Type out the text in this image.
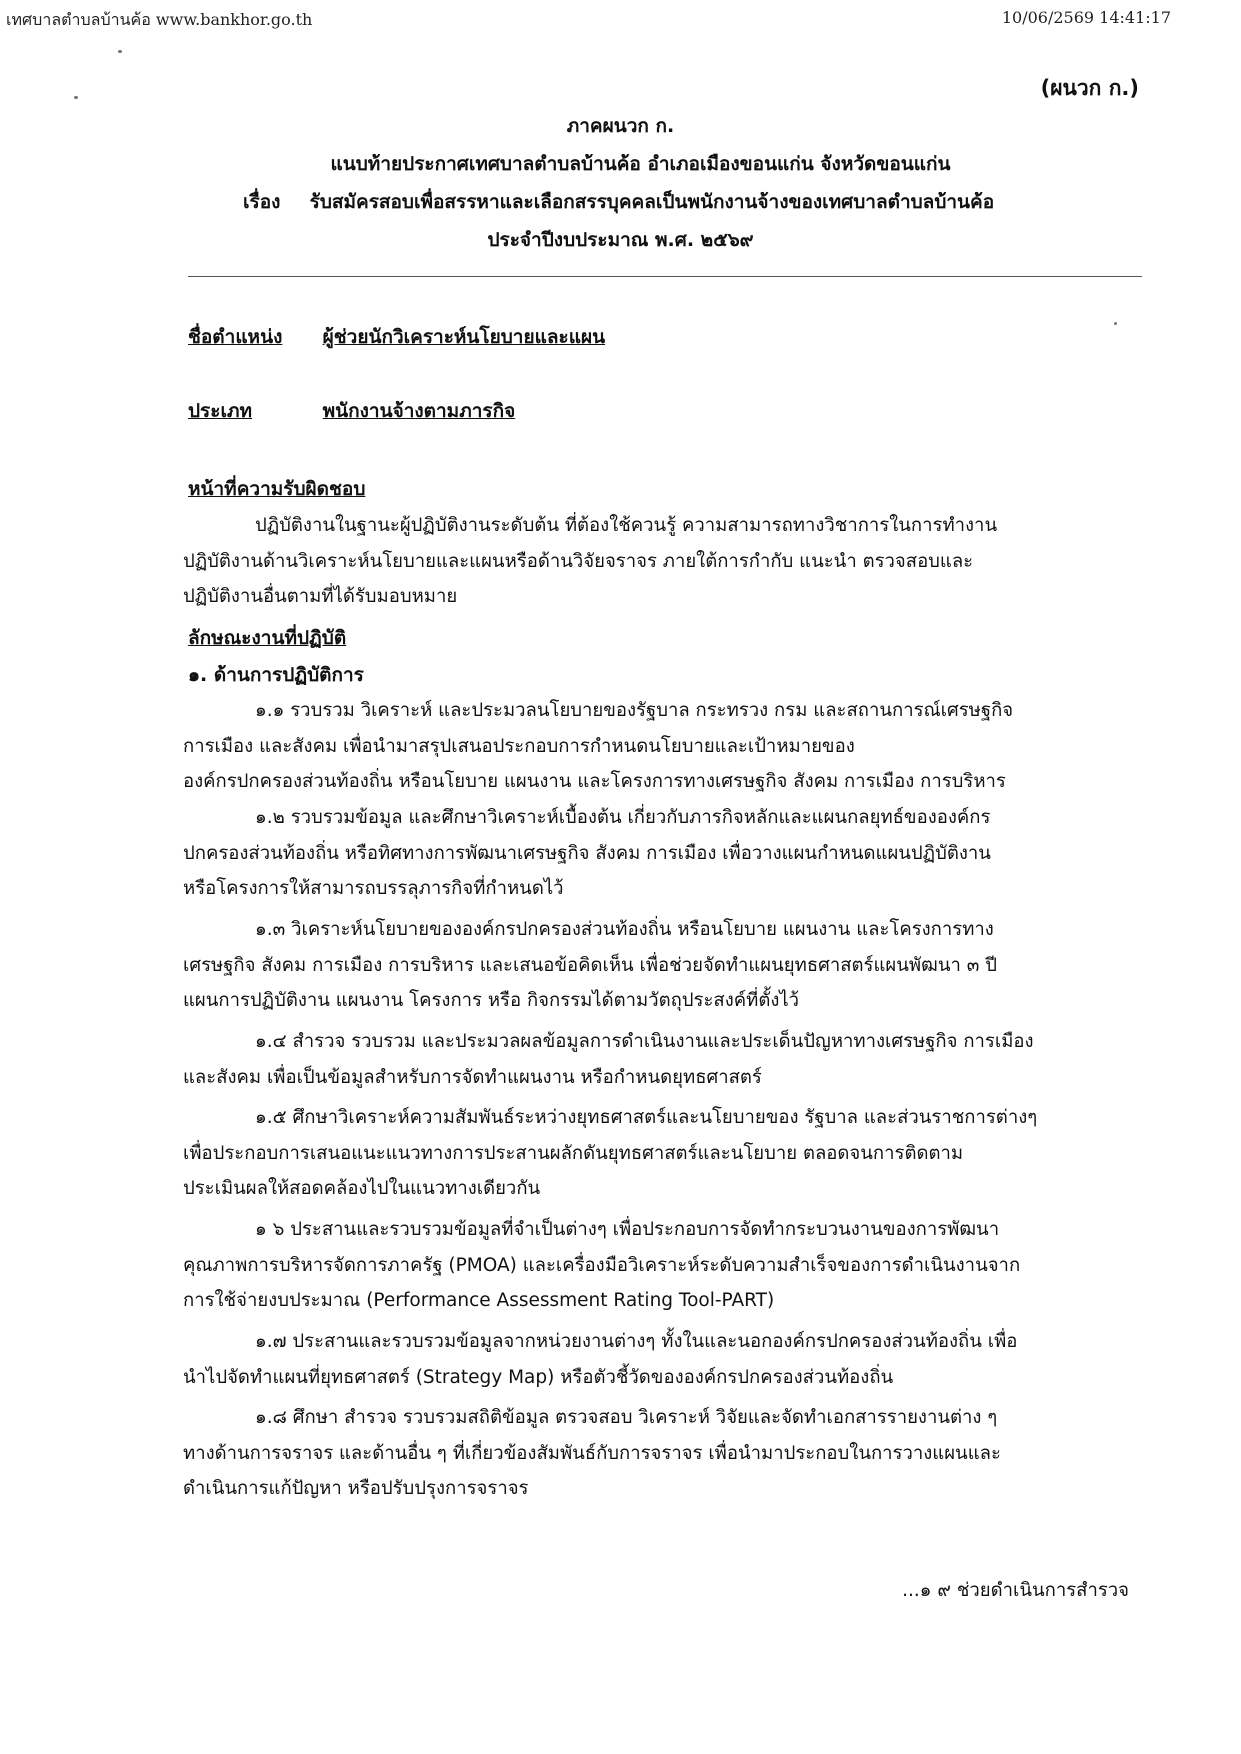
เทศบาลตำบลบ้านค้อ www.bankhor.go.th	10/06/2569 14:41:17
(ผนวก ก.)
ภาคผนวก ก.
แนบท้ายประกาศเทศบาลตำบลบ้านค้อ อำเภอเมืองขอนแก่น จังหวัดขอนแก่น
เรื่อง รับสมัครสอบเพื่อสรรหาและเลือกสรรบุคคลเป็นพนักงานจ้างของเทศบาลตำบลบ้านค้อ
ประจำปีงบประมาณ พ.ศ. ๒๕๖๙
ชื่อตำแหน่ง ผู้ช่วยนักวิเคราะห์นโยบายและแผน
ประเภท	พนักงานจ้างตามภารกิจ
หน้าที่ความรับผิดชอบ
ปฏิบัติงานในฐานะผู้ปฏิบัติงานระดับต้น ที่ต้องใช้ควนรู้ ความสามารถทางวิชาการในการทำงาน
ปฏิบัติงานด้านวิเคราะห์นโยบายและแผนหรือด้านวิจัยจราจร ภายใต้การกำกับ แนะนำ ตรวจสอบและ
ปฏิบัติงานอื่นตามที่ได้รับมอบหมาย
ลักษณะงานที่ปฏิบัติ
๑. ด้านการปฏิบัติการ
๑.๑ รวบรวม วิเคราะห์ และประมวลนโยบายของรัฐบาล กระทรวง กรม และสถานการณ์เศรษฐกิจ
การเมือง และสังคม เพื่อนำมาสรุปเสนอประกอบการกำหนดนโยบายและเป้าหมายของ
องค์กรปกครองส่วนท้องถิ่น หรือนโยบาย แผนงาน และโครงการทางเศรษฐกิจ สังคม การเมือง การบริหาร
๑.๒ รวบรวมข้อมูล และศึกษาวิเคราะห์เบื้องต้น เกี่ยวกับภารกิจหลักและแผนกลยุทธ์ขององค์กร
ปกครองส่วนท้องถิ่น หรือทิศทางการพัฒนาเศรษฐกิจ สังคม การเมือง เพื่อวางแผนกำหนดแผนปฏิบัติงาน
หรือโครงการให้สามารถบรรลุภารกิจที่กำหนดไว้
๑.๓ วิเคราะห์นโยบายขององค์กรปกครองส่วนท้องถิ่น หรือนโยบาย แผนงาน และโครงการทาง
เศรษฐกิจ สังคม การเมือง การบริหาร และเสนอข้อคิดเห็น เพื่อช่วยจัดทำแผนยุทธศาสตร์แผนพัฒนา ๓ ปี
แผนการปฏิบัติงาน แผนงาน โครงการ หรือ กิจกรรมได้ตามวัตถุประสงค์ที่ตั้งไว้
๑.๔ สำรวจ รวบรวม และประมวลผลข้อมูลการดำเนินงานและประเด็นปัญหาทางเศรษฐกิจ การเมือง
และสังคม เพื่อเป็นข้อมูลสำหรับการจัดทำแผนงาน หรือกำหนดยุทธศาสตร์
๑.๕ ศึกษาวิเคราะห์ความสัมพันธ์ระหว่างยุทธศาสตร์และนโยบายของ รัฐบาล และส่วนราชการต่างๆ
เพื่อประกอบการเสนอแนะแนวทางการประสานผลักดันยุทธศาสตร์และนโยบาย ตลอดจนการติดตาม
ประเมินผลให้สอดคล้องไปในแนวทางเดียวกัน
๑ ๖ ประสานและรวบรวมข้อมูลที่จำเป็นต่างๆ เพื่อประกอบการจัดทำกระบวนงานของการพัฒนา
คุณภาพการบริหารจัดการภาครัฐ (PMOA) และเครื่องมือวิเคราะห์ระดับความสำเร็จของการดำเนินงานจาก
การใช้จ่ายงบประมาณ (Performance Assessment Rating Tool-PART)
๑.๗ ประสานและรวบรวมข้อมูลจากหน่วยงานต่างๆ ทั้งในและนอกองค์กรปกครองส่วนท้องถิ่น เพื่อ
นำไปจัดทำแผนที่ยุทธศาสตร์ (Strategy Map) หรือตัวชี้วัดขององค์กรปกครองส่วนท้องถิ่น
๑.๘ ศึกษา สำรวจ รวบรวมสถิติข้อมูล ตรวจสอบ วิเคราะห์ วิจัยและจัดทำเอกสารรายงานต่าง ๆ
ทางด้านการจราจร และด้านอื่น ๆ ที่เกี่ยวข้องสัมพันธ์กับการจราจร เพื่อนำมาประกอบในการวางแผนและ
ดำเนินการแก้ปัญหา หรือปรับปรุงการจราจร
...๑ ๙ ช่วยดำเนินการสำรวจ
